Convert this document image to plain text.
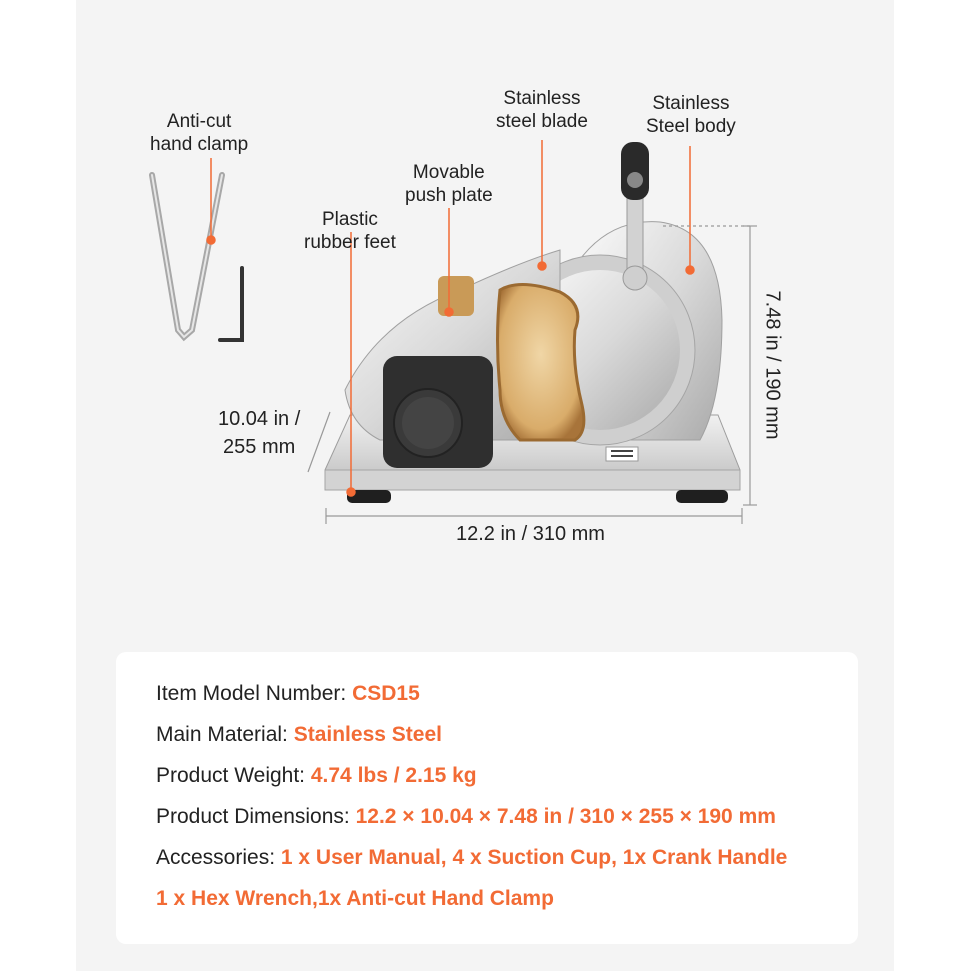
Anti-cut
hand clamp
Plastic
rubber feet
Movable
push plate
Stainless
steel blade
Stainless
Steel body
12.2 in / 310 mm
10.04 in /
255 mm
7.48 in / 190 mm
Item Model Number: CSD15
Main Material: Stainless Steel
Product Weight: 4.74 lbs / 2.15 kg
Product Dimensions: 12.2 × 10.04 × 7.48 in / 310 × 255 × 190 mm
Accessories: 1 x User Manual, 4 x Suction Cup, 1x Crank Handle
1 x Hex Wrench,1x Anti-cut Hand Clamp
